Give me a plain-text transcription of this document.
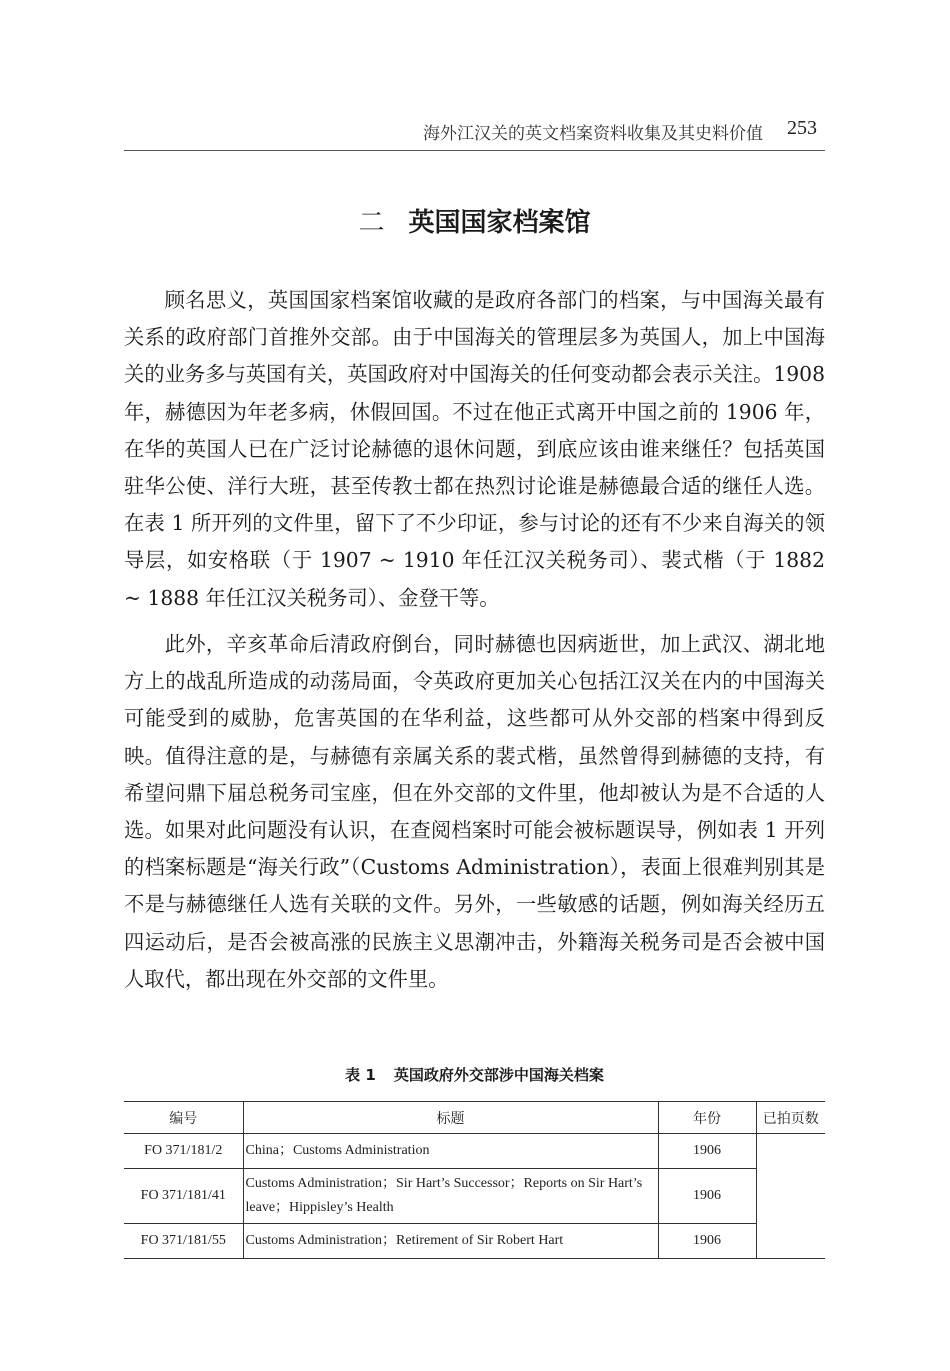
海外江汉关的英文档案资料收集及其史料价值 253
二 英国国家档案馆

顾名思义，英国国家档案馆收藏的是政府各部门的档案，与中国海关最有关系的政府部门首推外交部。由于中国海关的管理层多为英国人，加上中国海关的业务多与英国有关，英国政府对中国海关的任何变动都会表示关注。1908 年，赫德因为年老多病，休假回国。不过在他正式离开中国之前的 1906 年，在华的英国人已在广泛讨论赫德的退休问题，到底应该由谁来继任？包括英国驻华公使、洋行大班，甚至传教士都在热烈讨论谁是赫德最合适的继任人选。在表 1 所开列的文件里，留下了不少印证，参与讨论的还有不少来自海关的领导层，如安格联（于 1907 ~ 1910 年任江汉关税务司）、裴式楷（于 1882 ~ 1888 年任江汉关税务司）、金登干等。

此外，辛亥革命后清政府倒台，同时赫德也因病逝世，加上武汉、湖北地方上的战乱所造成的动荡局面，令英政府更加关心包括江汉关在内的中国海关可能受到的威胁，危害英国的在华利益，这些都可从外交部的档案中得到反映。值得注意的是，与赫德有亲属关系的裴式楷，虽然曾得到赫德的支持，有希望问鼎下届总税务司宝座，但在外交部的文件里，他却被认为是不合适的人选。如果对此问题没有认识，在查阅档案时可能会被标题误导，例如表 1 开列的档案标题是“海关行政”（Customs Administration），表面上很难判别其是不是与赫德继任人选有关联的文件。另外，一些敏感的话题，例如海关经历五四运动后，是否会被高涨的民族主义思潮冲击，外籍海关税务司是否会被中国人取代，都出现在外交部的文件里。

表 1 英国政府外交部涉中国海关档案
编号	标题	年份	已拍页数
FO 371/181/2	China；Customs Administration	1906	
FO 371/181/41	Customs Administration；Sir Hart’s Successor；Reports on Sir Hart’s leave；Hippisley’s Health	1906	
FO 371/181/55	Customs Administration；Retirement of Sir Robert Hart	1906	
